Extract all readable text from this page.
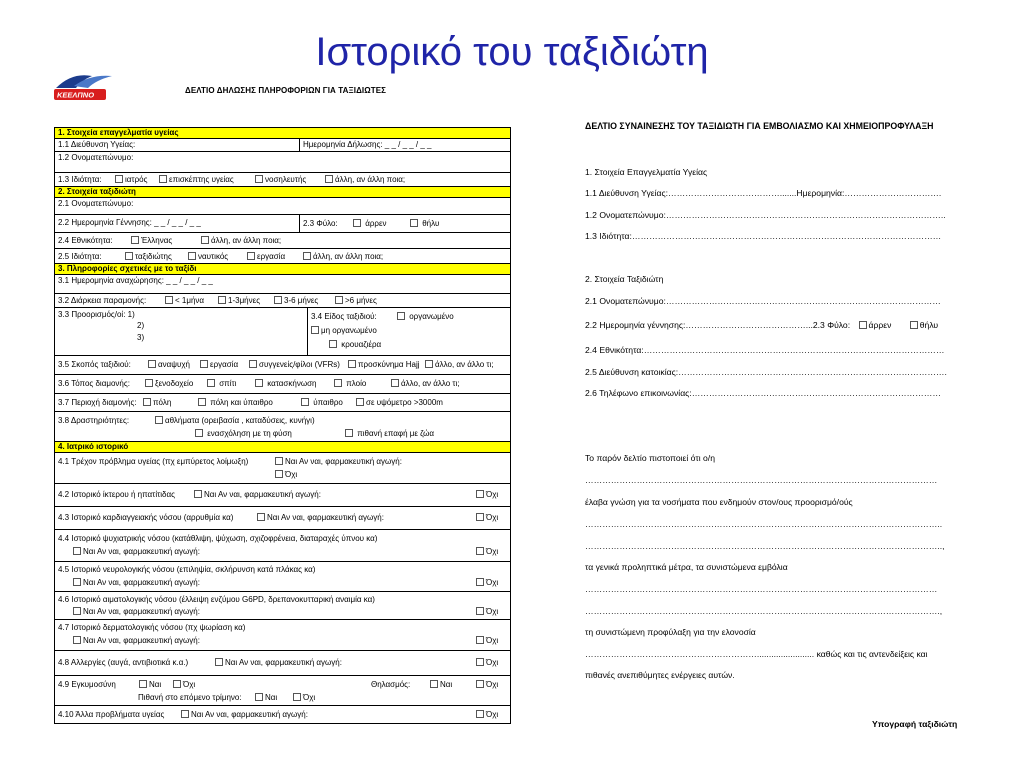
Ιστορικό του ταξιδιώτη
ΚΕΕΛΠΝΟ	ΔΕΛΤΙΟ ΔΗΛΩΣΗΣ ΠΛΗΡΟΦΟΡΙΩΝ ΓΙΑ ΤΑΞΙΔΙΩΤΕΣ
1. Στοιχεία επαγγελματία υγείας
1.1 Διεύθυνση Υγείας:	Ημερομηνία Δήλωσης: _ _ / _ _ / _ _
1.2 Ονοματεπώνυμο:
1.3 Ιδιότητα:	ιατρός	επισκέπτης υγείας	νοσηλευτής	άλλη, αν άλλη ποια;
2. Στοιχεία ταξιδιώτη
2.1 Ονοματεπώνυμο:
2.2 Ημερομηνία Γέννησης: _ _ / _ _ / _ _	2.3 Φύλο:	άρρεν	θήλυ
2.4 Εθνικότητα:	Έλληνας	άλλη, αν άλλη ποια;
2.5 Ιδιότητα:	ταξιδιώτης	ναυτικός	εργασία	άλλη, αν άλλη ποια;
3. Πληροφορίες σχετικές με το ταξίδι
3.1 Ημερομηνία αναχώρησης: _ _ / _ _ / _ _
3.2 Διάρκεια παραμονής:	< 1μήνα	1-3μήνες	3-6 μήνες	>6 μήνες
3.3 Προορισμός/οί: 1)
2)
3)
3.4 Είδος ταξιδιού:	οργανωμένο
μη οργανωμένο
κρουαζιέρα
3.5 Σκοπός ταξιδιού:	αναψυχή	εργασία	συγγενείς/φίλοι (VFRs)	προσκύνημα Hajj	άλλο, αν άλλο τι;
3.6 Τόπος διαμονής:	ξενοδοχείο	σπίτι	κατασκήνωση	πλοίο	άλλο, αν άλλο τι;
3.7 Περιοχή διαμονής:	πόλη	πόλη και ύπαιθρο	ύπαιθρο	σε υψόμετρο >3000m
3.8 Δραστηριότητες:	αθλήματα (ορειβασία , καταδύσεις, κυνήγι)
ενασχόληση με τη φύση	πιθανή επαφή με ζώα
4. Ιατρικό ιστορικό
4.1 Τρέχον πρόβλημα υγείας (πχ εμπύρετος λοίμωξη)	Ναι Αν ναι, φαρμακευτική αγωγή:
Όχι
4.2 Ιστορικό ίκτερου ή ηπατίτιδας	Ναι Αν ναι, φαρμακευτική αγωγή:	Όχι
4.3 Ιστορικό καρδιαγγειακής νόσου (αρρυθμία κα)	Ναι Αν ναι, φαρμακευτική αγωγή:	Όχι
4.4 Ιστορικό ψυχιατρικής νόσου (κατάθλιψη, ψύχωση, σχιζοφρένεια, διαταραχές ύπνου κα)
Ναι Αν ναι, φαρμακευτική αγωγή:	Όχι
4.5 Ιστορικό νευρολογικής νόσου (επιληψία, σκλήρυνση κατά πλάκας κα)
Ναι Αν ναι, φαρμακευτική αγωγή:	Όχι
4.6 Ιστορικό αιματολογικής νόσου (έλλειψη ενζύμου G6PD, δρεπανοκυτταρική αναιμία κα)
Ναι Αν ναι, φαρμακευτική αγωγή:	Όχι
4.7 Ιστορικό δερματολογικής νόσου (πχ ψωρίαση κα)
Ναι Αν ναι, φαρμακευτική αγωγή:	Όχι
4.8 Αλλεργίες (αυγά, αντιβιοτικά κ.α.)	Ναι Αν ναι, φαρμακευτική αγωγή:	Όχι
4.9 Εγκυμοσύνη	Ναι	Όχι	Θηλασμός:	Ναι	Όχι
Πιθανή στο επόμενο τρίμηνο:	Ναι	Όχι
4.10 Άλλα προβλήματα υγείας	Ναι Αν ναι, φαρμακευτική αγωγή:	Όχι
ΔΕΛΤΙΟ ΣΥΝΑΙΝΕΣΗΣ ΤΟΥ ΤΑΞΙΔΙΩΤΗ ΓΙΑ ΕΜΒΟΛΙΑΣΜΟ ΚΑΙ ΧΗΜΕΙΟΠΡΟΦΥΛΑΞΗ
1. Στοιχεία Επαγγελματία Υγείας
1.1 Διεύθυνση Υγείας:………………………………….......Ημερομηνία:…………………………….
1.2 Ονοματεπώνυμο:……………………………………………………………………………………..
1.3 Ιδιότητα:………………………………………………………………………………………………
2. Στοιχεία Ταξιδιώτη
2.1 Ονοματεπώνυμο:……………………………………………………………………………………
2.2 Ημερομηνία γέννησης:……………………………………...2.3 Φύλο: άρρεν	θήλυ
2.4 Εθνικότητα:……………………………………………………………………………………………
2.5 Διεύθυνση κατοικίας:………………………………………………………………………………….
2.6 Τηλέφωνο επικοινωνίας:……………………………………………………………………………
Το παρόν δελτίο πιστοποιεί ότι ο/η
……………………………………………………………………………………………………………
έλαβα γνώση για τα νοσήματα που ενδημούν στον/ους προορισμό/ούς
……………………………………………………………………………………………………………..
……………………………………………………………………………………………………………..,
τα γενικά προληπτικά μέτρα, τα συνιστώμενα εμβόλια
……………………………………………………………………………………………………………
…………………………………………………………………………………………………………….,
τη συνιστώμενη προφύλαξη για την ελονοσία
……………………………………………………........................ καθώς και τις αντενδείξεις και
πιθανές ανεπιθύμητες ενέργειες αυτών.
Υπογραφή ταξιδιώτη
